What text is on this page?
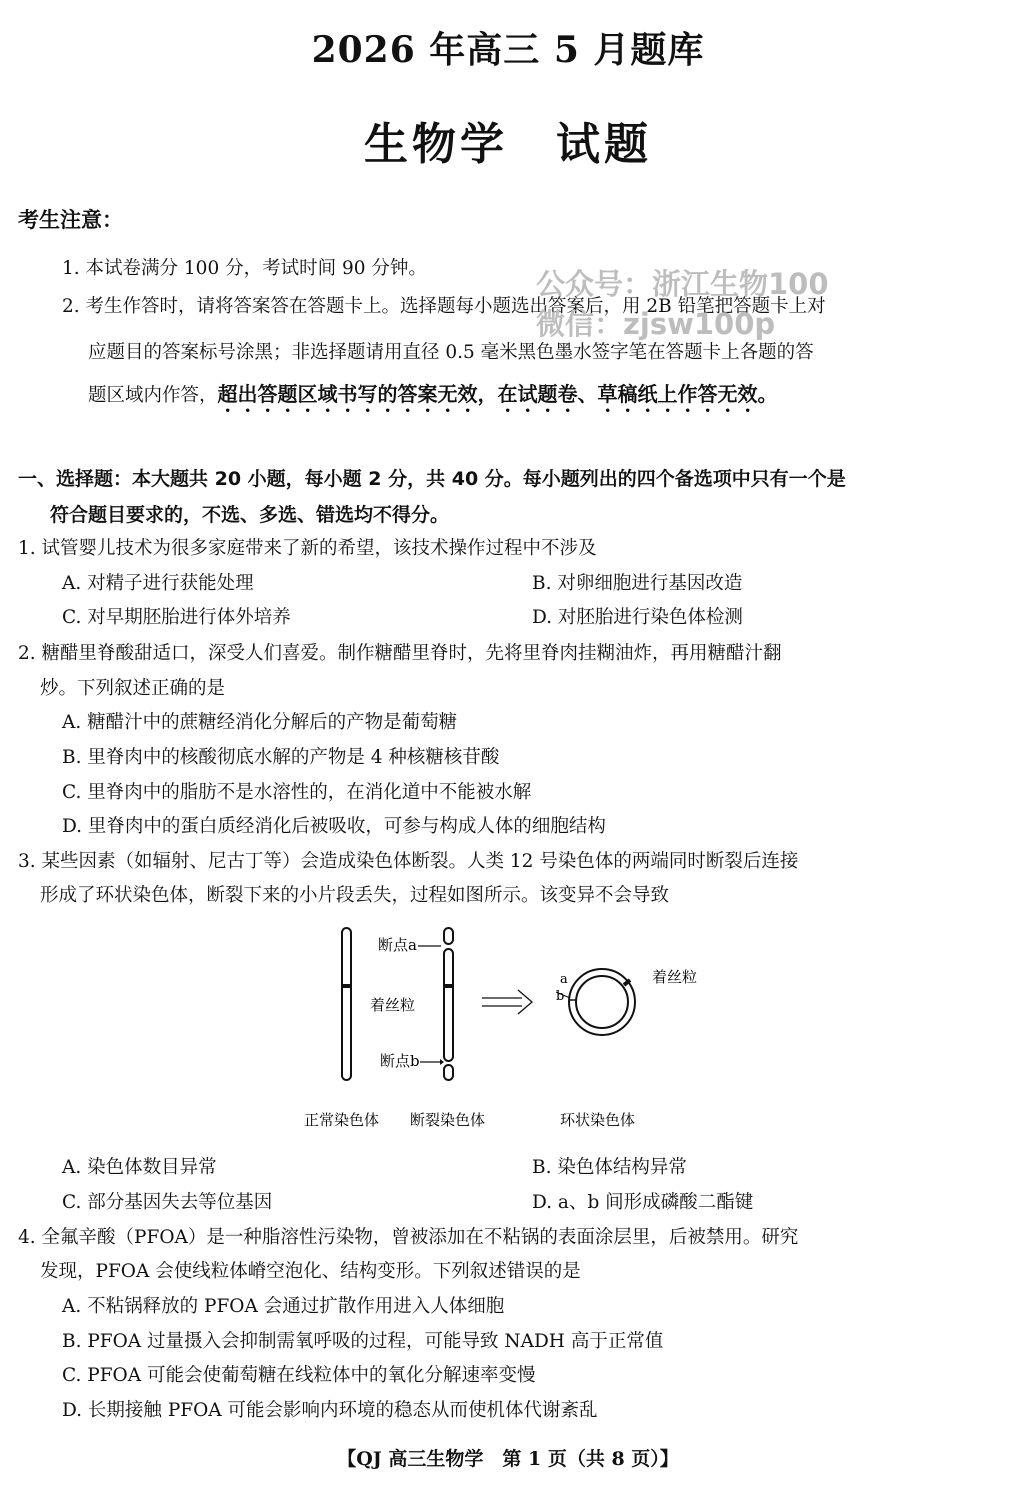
2026 年高三 5 月题库
生物学　试题
考生注意：
1. 本试卷满分 100 分，考试时间 90 分钟。
2. 考生作答时，请将答案答在答题卡上。选择题每小题选出答案后，用 2B 铅笔把答题卡上对
应题目的答案标号涂黑；非选择题请用直径 0.5 毫米黑色墨水签字笔在答题卡上各题的答
题区域内作答，超出答题区域书写的答案无效，在试题卷、草稿纸上作答无效。
公众号：浙江生物100
微信：zjsw100p
一、选择题：本大题共 20 小题，每小题 2 分，共 40 分。每小题列出的四个备选项中只有一个是
符合题目要求的，不选、多选、错选均不得分。
1. 试管婴儿技术为很多家庭带来了新的希望，该技术操作过程中不涉及
A. 对精子进行获能处理	B. 对卵细胞进行基因改造
C. 对早期胚胎进行体外培养	D. 对胚胎进行染色体检测
2. 糖醋里脊酸甜适口，深受人们喜爱。制作糖醋里脊时，先将里脊肉挂糊油炸，再用糖醋汁翻
炒。下列叙述正确的是
A. 糖醋汁中的蔗糖经消化分解后的产物是葡萄糖
B. 里脊肉中的核酸彻底水解的产物是 4 种核糖核苷酸
C. 里脊肉中的脂肪不是水溶性的，在消化道中不能被水解
D. 里脊肉中的蛋白质经消化后被吸收，可参与构成人体的细胞结构
3. 某些因素（如辐射、尼古丁等）会造成染色体断裂。人类 12 号染色体的两端同时断裂后连接
形成了环状染色体，断裂下来的小片段丢失，过程如图所示。该变异不会导致
断点a
着丝粒
断点b
a
b
着丝粒
正常染色体 断裂染色体	环状染色体
A. 染色体数目异常	B. 染色体结构异常
C. 部分基因失去等位基因	D. a、b 间形成磷酸二酯键
4. 全氟辛酸（PFOA）是一种脂溶性污染物，曾被添加在不粘锅的表面涂层里，后被禁用。研究
发现，PFOA 会使线粒体嵴空泡化、结构变形。下列叙述错误的是
A. 不粘锅释放的 PFOA 会通过扩散作用进入人体细胞
B. PFOA 过量摄入会抑制需氧呼吸的过程，可能导致 NADH 高于正常值
C. PFOA 可能会使葡萄糖在线粒体中的氧化分解速率变慢
D. 长期接触 PFOA 可能会影响内环境的稳态从而使机体代谢紊乱
【QJ 高三生物学　第 1 页（共 8 页）】
